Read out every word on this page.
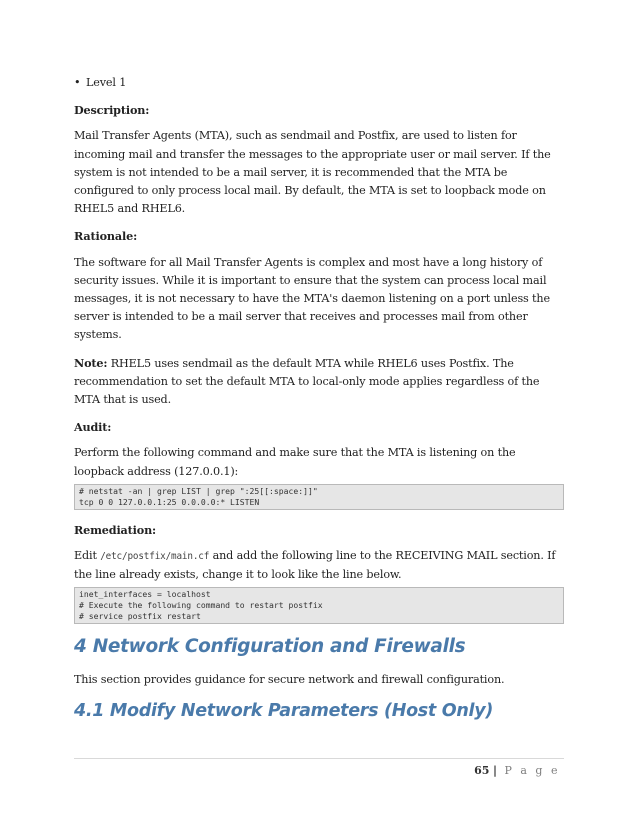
• Level 1

Description:

Mail Transfer Agents (MTA), such as sendmail and Postfix, are used to listen for incoming mail and transfer the messages to the appropriate user or mail server. If the system is not intended to be a mail server, it is recommended that the MTA be configured to only process local mail. By default, the MTA is set to loopback mode on RHEL5 and RHEL6.

Rationale:

The software for all Mail Transfer Agents is complex and most have a long history of security issues. While it is important to ensure that the system can process local mail messages, it is not necessary to have the MTA's daemon listening on a port unless the server is intended to be a mail server that receives and processes mail from other systems.

Note: RHEL5 uses sendmail as the default MTA while RHEL6 uses Postfix. The recommendation to set the default MTA to local-only mode applies regardless of the MTA that is used.

Audit:

Perform the following command and make sure that the MTA is listening on the loopback address (127.0.0.1):

# netstat -an | grep LIST | grep ":25[[:space:]]"
tcp 0 0 127.0.0.1:25 0.0.0.0:* LISTEN

Remediation:

Edit /etc/postfix/main.cf and add the following line to the RECEIVING MAIL section. If the line already exists, change it to look like the line below.

inet_interfaces = localhost
# Execute the following command to restart postfix
# service postfix restart
4 Network Configuration and Firewalls

This section provides guidance for secure network and firewall configuration.

4.1 Modify Network Parameters (Host Only)
65 | P a g e
